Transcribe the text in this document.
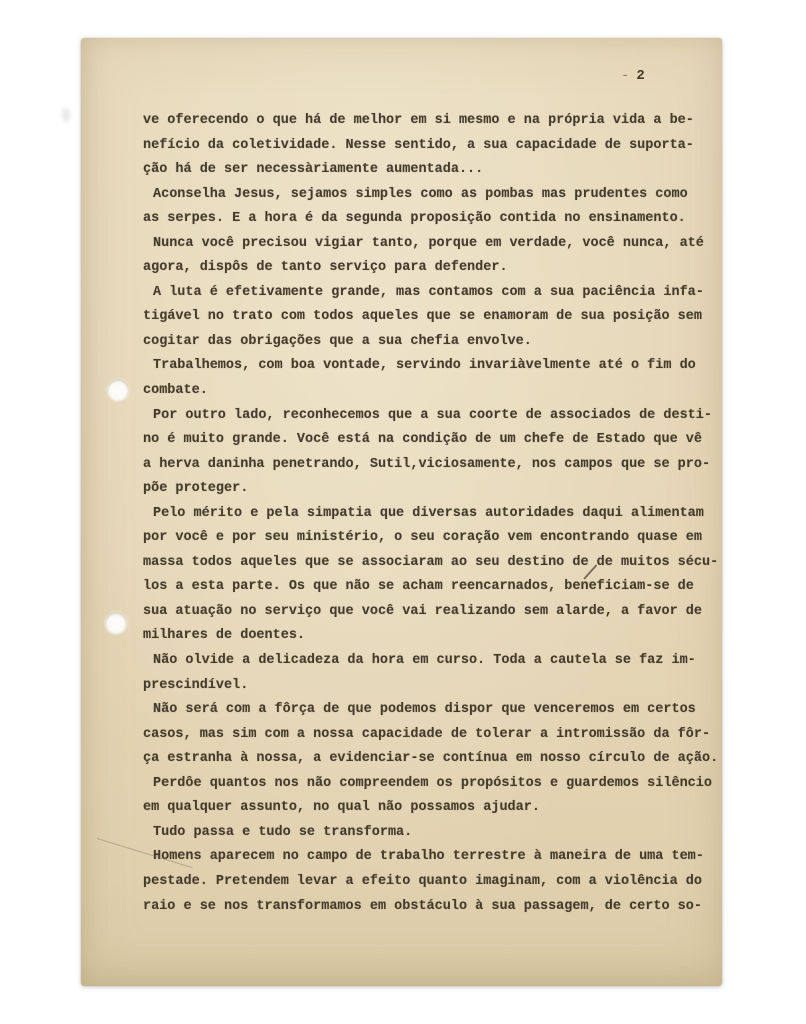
- 2
ve oferecendo o que há de melhor em si mesmo e na própria vida a be-
nefício da coletividade. Nesse sentido, a sua capacidade de suporta-
ção há de ser necessàriamente aumentada...
Aconselha Jesus, sejamos simples como as pombas mas prudentes como
as serpes. E a hora é da segunda proposição contida no ensinamento.
Nunca você precisou vigiar tanto, porque em verdade, você nunca, até
agora, dispôs de tanto serviço para defender.
A luta é efetivamente grande, mas contamos com a sua paciência infa-
tigável no trato com todos aqueles que se enamoram de sua posição sem
cogitar das obrigações que a sua chefia envolve.
Trabalhemos, com boa vontade, servindo invariàvelmente até o fim do
combate.
Por outro lado, reconhecemos que a sua coorte de associados de desti-
no é muito grande. Você está na condição de um chefe de Estado que vê
a herva daninha penetrando, Sutil,viciosamente, nos campos que se pro-
põe proteger.
Pelo mérito e pela simpatia que diversas autoridades daqui alimentam
por você e por seu ministério, o seu coração vem encontrando quase em
massa todos aqueles que se associaram ao seu destino de de muitos sécu-
los a esta parte. Os que não se acham reencarnados, beneficiam-se de
sua atuação no serviço que você vai realizando sem alarde, a favor de
milhares de doentes.
Não olvide a delicadeza da hora em curso. Toda a cautela se faz im-
prescindível.
Não será com a fôrça de que podemos dispor que venceremos em certos
casos, mas sim com a nossa capacidade de tolerar a intromissão da fôr-
ça estranha à nossa, a evidenciar-se contínua em nosso círculo de ação.
Perdôe quantos nos não compreendem os propósitos e guardemos silêncio
em qualquer assunto, no qual não possamos ajudar.
Tudo passa e tudo se transforma.
Homens aparecem no campo de trabalho terrestre à maneira de uma tem-
pestade. Pretendem levar a efeito quanto imaginam, com a violência do
raio e se nos transformamos em obstáculo à sua passagem, de certo so-
